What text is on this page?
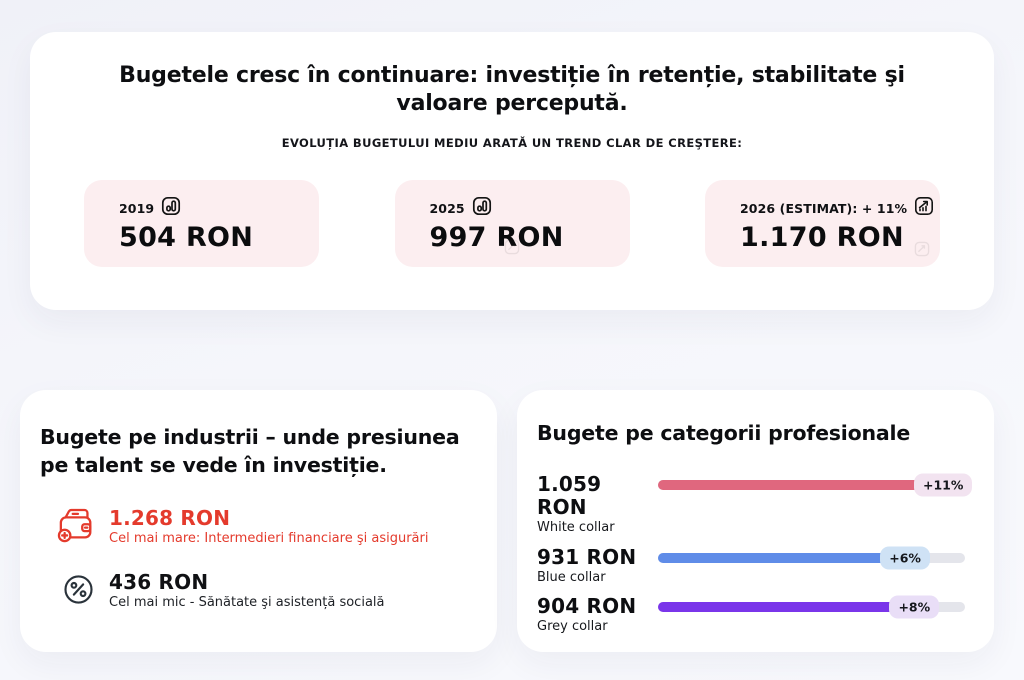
Bugetele cresc în continuare: investiție în retenție, stabilitate şi valoare percepută.
EVOLUȚIA BUGETULUI MEDIU ARATĂ UN TREND CLAR DE CREŞTERE:
2019
504 RON
2025
997 RON
2026 (ESTIMAT): + 11%
1.170 RON
Bugete pe industrii – unde presiunea pe talent se vede în investiție.
1.268 RON
Cel mai mare: Intermedieri financiare şi asigurări
436 RON
Cel mai mic - Sănătate şi asistență socială
Bugete pe categorii profesionale
1.059 RON
White collar
+11%
931 RON
Blue collar
+6%
904 RON
Grey collar
+8%
